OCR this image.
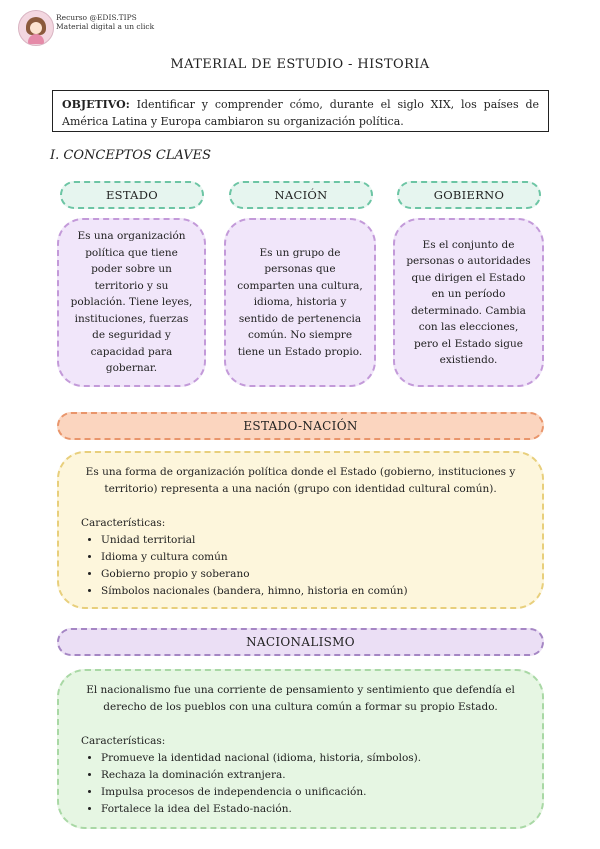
Recurso @EDIS.TIPS
Material digital a un click
MATERIAL DE ESTUDIO - HISTORIA
OBJETIVO: Identificar y comprender cómo, durante el siglo XIX, los países de América Latina y Europa cambiaron su organización política.
I. CONCEPTOS CLAVES
ESTADO	NACIÓN	GOBIERNO
Es una organización
política que tiene
poder sobre un
territorio y su
población. Tiene leyes,
instituciones, fuerzas
de seguridad y
capacidad para
gobernar.
Es un grupo de
personas que
comparten una cultura,
idioma, historia y
sentido de pertenencia
común. No siempre
tiene un Estado propio.
Es el conjunto de
personas o autoridades
que dirigen el Estado
en un período
determinado. Cambia
con las elecciones,
pero el Estado sigue
existiendo.
ESTADO-NACIÓN
Es una forma de organización política donde el Estado (gobierno, instituciones y territorio) representa a una nación (grupo con identidad cultural común).
Características:
• Unidad territorial
• Idioma y cultura común
• Gobierno propio y soberano
• Símbolos nacionales (bandera, himno, historia en común)
NACIONALISMO
El nacionalismo fue una corriente de pensamiento y sentimiento que defendía el derecho de los pueblos con una cultura común a formar su propio Estado.
Características:
• Promueve la identidad nacional (idioma, historia, símbolos).
• Rechaza la dominación extranjera.
• Impulsa procesos de independencia o unificación.
• Fortalece la idea del Estado-nación.
